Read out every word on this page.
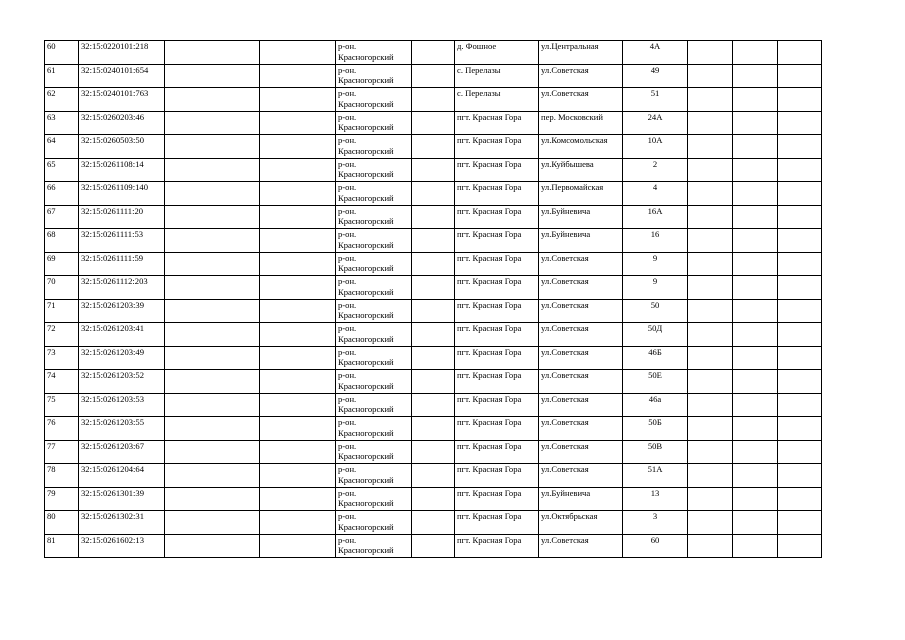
60	32:15:0220101:218			р-он.
Красногорский		д. Фошное	ул.Центральная	4А			
61	32:15:0240101:654			р-он.
Красногорский		с. Перелазы	ул.Советская	49			
62	32:15:0240101:763			р-он.
Красногорский		с. Перелазы	ул.Советская	51			
63	32:15:0260203:46			р-он.
Красногорский		пгт. Красная Гора	пер. Московский	24А			
64	32:15:0260503:50			р-он.
Красногорский		пгт. Красная Гора	ул.Комсомольская	10А			
65	32:15:0261108:14			р-он.
Красногорский		пгт. Красная Гора	ул.Куйбышева	2			
66	32:15:0261109:140			р-он.
Красногорский		пгт. Красная Гора	ул.Первомайская	4			
67	32:15:0261111:20			р-он.
Красногорский		пгт. Красная Гора	ул.Буйневича	16А			
68	32:15:0261111:53			р-он.
Красногорский		пгт. Красная Гора	ул.Буйневича	16			
69	32:15:0261111:59			р-он.
Красногорский		пгт. Красная Гора	ул.Советская	9			
70	32:15:0261112:203			р-он.
Красногорский		пгт. Красная Гора	ул.Советская	9			
71	32:15:0261203:39			р-он.
Красногорский		пгт. Красная Гора	ул.Советская	50			
72	32:15:0261203:41			р-он.
Красногорский		пгт. Красная Гора	ул.Советская	50Д			
73	32:15:0261203:49			р-он.
Красногорский		пгт. Красная Гора	ул.Советская	46Б			
74	32:15:0261203:52			р-он.
Красногорский		пгт. Красная Гора	ул.Советская	50Е			
75	32:15:0261203:53			р-он.
Красногорский		пгт. Красная Гора	ул.Советская	46а			
76	32:15:0261203:55			р-он.
Красногорский		пгт. Красная Гора	ул.Советская	50Б			
77	32:15:0261203:67			р-он.
Красногорский		пгт. Красная Гора	ул.Советская	50В			
78	32:15:0261204:64			р-он.
Красногорский		пгт. Красная Гора	ул.Советская	51А			
79	32:15:0261301:39			р-он.
Красногорский		пгт. Красная Гора	ул.Буйневича	13			
80	32:15:0261302:31			р-он.
Красногорский		пгт. Красная Гора	ул.Октябрьская	3			
81	32:15:0261602:13			р-он.
Красногорский		пгт. Красная Гора	ул.Советская	60			
